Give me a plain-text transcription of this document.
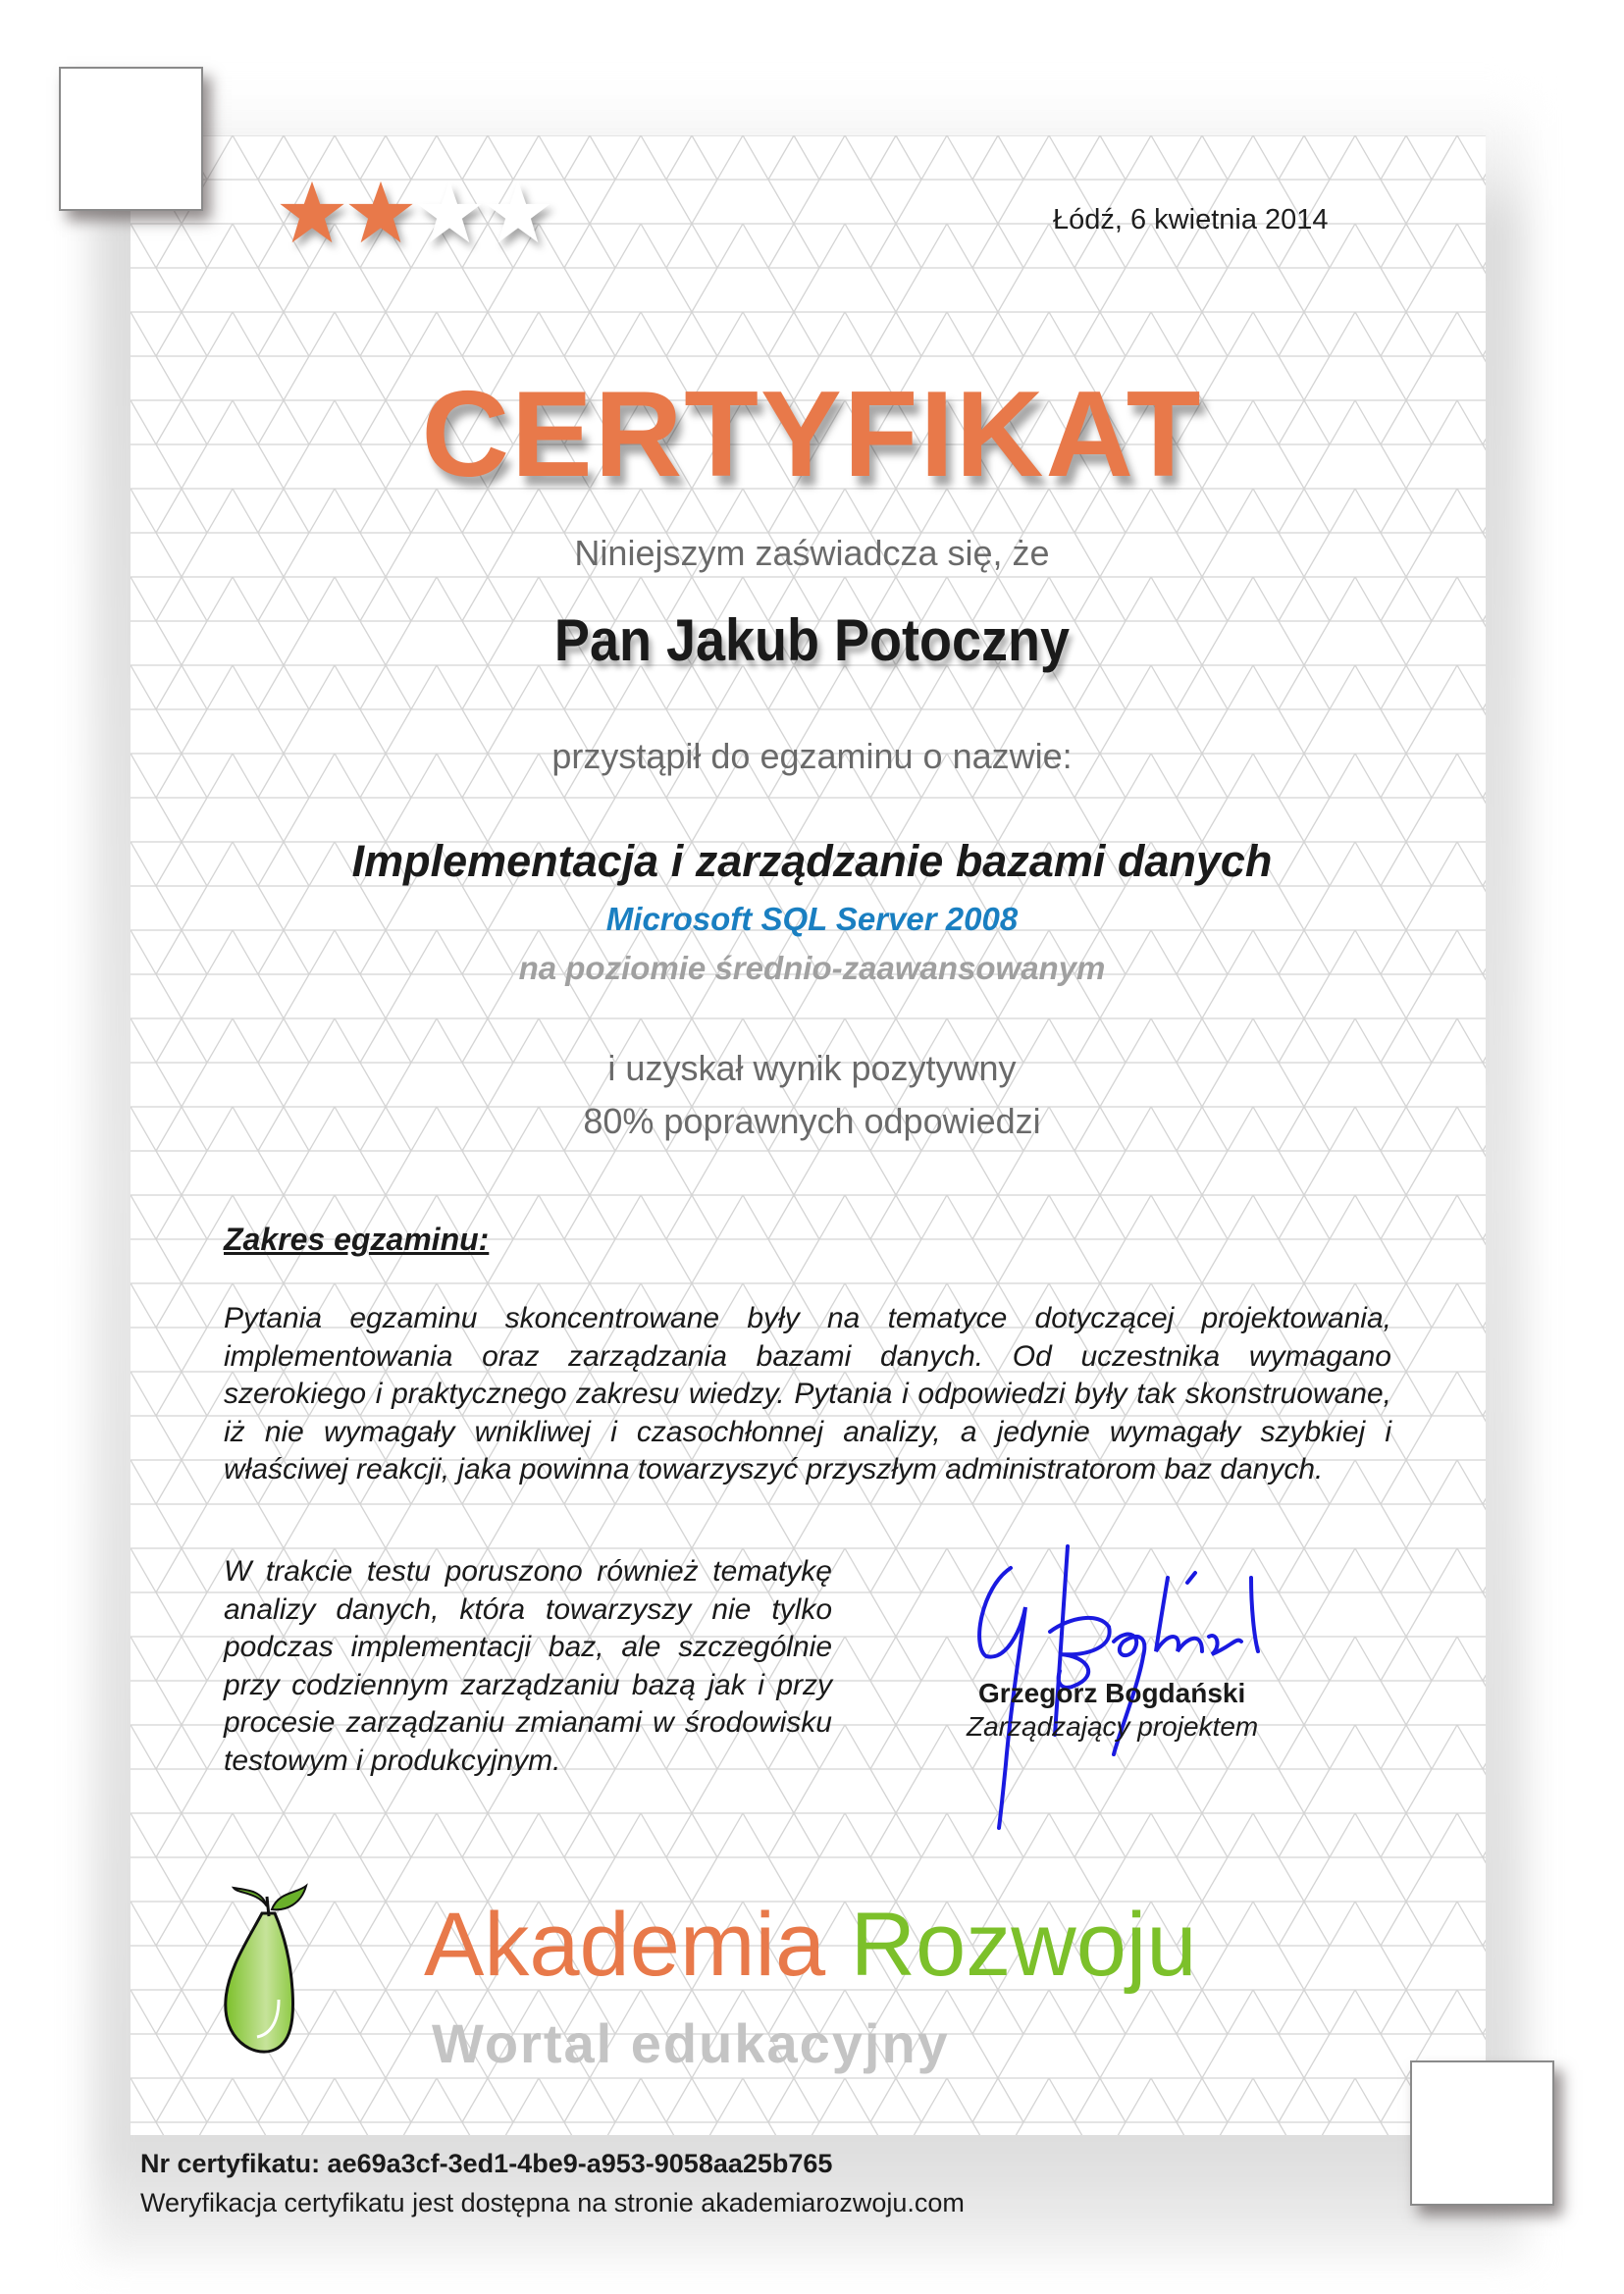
Łódź, 6 kwietnia 2014
CERTYFIKAT
Niniejszym zaświadcza się, że
Pan Jakub Potoczny
przystąpił do egzaminu o nazwie:
Implementacja i zarządzanie bazami danych
Microsoft SQL Server 2008
na poziomie średnio-zaawansowanym
i uzyskał wynik pozytywny
80% poprawnych odpowiedzi
Zakres egzaminu:
Pytania egzaminu skoncentrowane były na tematyce dotyczącej projektowania, implementowania oraz zarządzania bazami danych. Od uczestnika wymagano szerokiego i praktycznego zakresu wiedzy. Pytania i odpowiedzi były tak skonstruowane, iż nie wymagały wnikliwej i czasochłonnej analizy, a jedynie wymagały szybkiej i właściwej reakcji, jaka powinna towarzyszyć przyszłym administratorom baz danych.
W trakcie testu poruszono również tematykę analizy danych, która towarzyszy nie tylko podczas implementacji baz, ale szczególnie przy codziennym zarządzaniu bazą jak i przy procesie zarządzaniu zmianami w środowisku testowym i produkcyjnym.
Grzegorz Bogdański
Zarządzający projektem
Akademia Rozwoju
Wortal edukacyjny
Nr certyfikatu: ae69a3cf-3ed1-4be9-a953-9058aa25b765
Weryfikacja certyfikatu jest dostępna na stronie akademiarozwoju.com
